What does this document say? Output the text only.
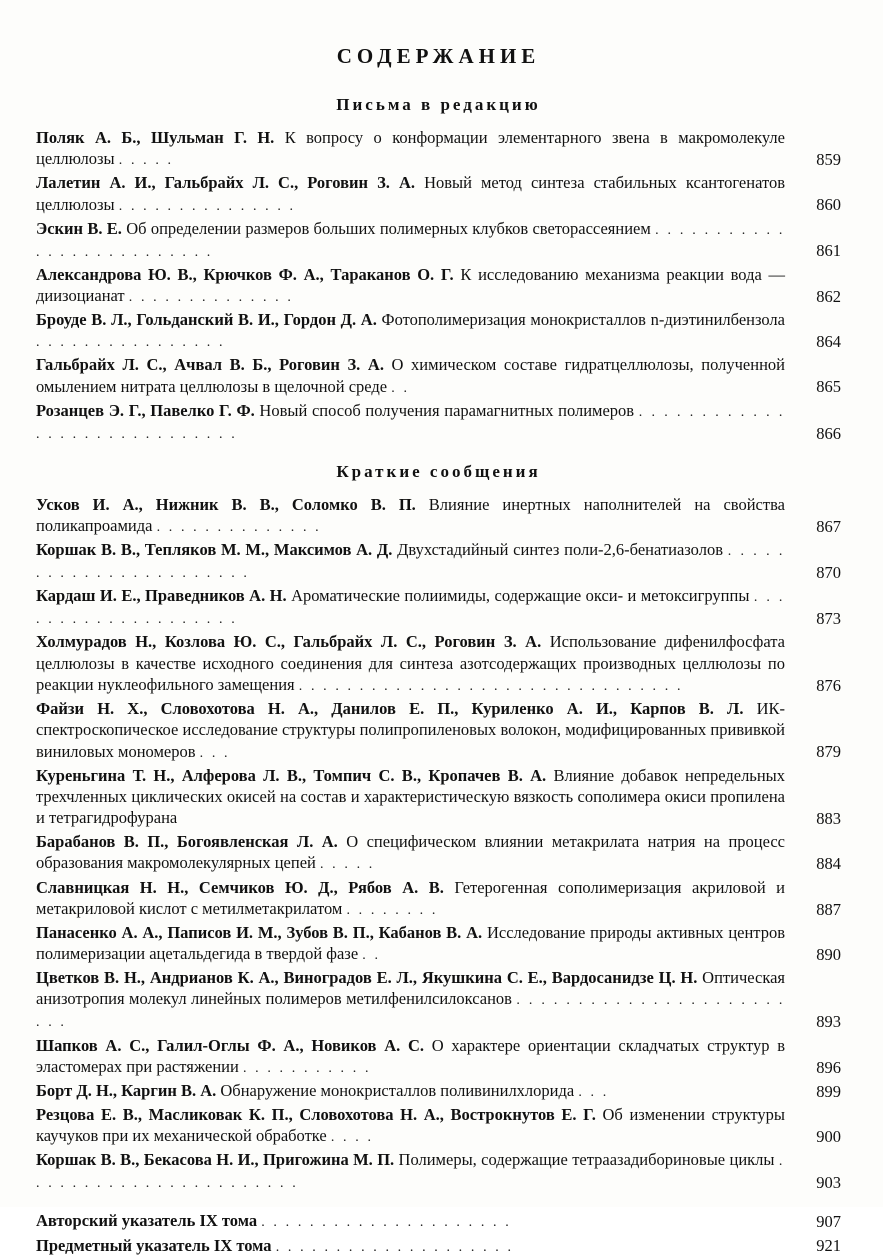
СОДЕРЖАНИЕ
Письма в редакцию
Поляк А. Б., Шульман Г. Н. К вопросу о конформации элементарного звена в макромолекуле целлюлозы . . . . .	859
Лалетин А. И., Гальбрайх Л. С., Роговин З. А. Новый метод синтеза стабильных ксантогенатов целлюлозы . . . . . . . . . . . . . . .	860
Эскин В. Е. Об определении размеров больших полимерных клубков светорассеянием . . . . . . . . . . . . . . . . . . . . . . . . . .	861
Александрова Ю. В., Крючков Ф. А., Тараканов О. Г. К исследованию механизма реакции вода — диизоцианат . . . . . . . . . . . . . .	862
Броуде В. Л., Гольданский В. И., Гордон Д. А. Фотополимеризация монокристаллов n-диэтинилбензола . . . . . . . . . . . . . . . .	864
Гальбрайх Л. С., Ачвал В. Б., Роговин З. А. О химическом составе гидратцеллюлозы, полученной омылением нитрата целлюлозы в щелочной среде . .	865
Розанцев Э. Г., Павелко Г. Ф. Новый способ получения парамагнитных полимеров . . . . . . . . . . . . . . . . . . . . . . . . . . . . .	866
Краткие сообщения
Усков И. А., Нижник В. В., Соломко В. П. Влияние инертных наполнителей на свойства поликапроамида . . . . . . . . . . . . . .	867
Коршак В. В., Тепляков М. М., Максимов А. Д. Двухстадийный синтез поли-2,6-бенатиазолов . . . . . . . . . . . . . . . . . . . . . . .	870
Кардаш И. Е., Праведников А. Н. Ароматические полиимиды, содержащие окси- и метоксигруппы . . . . . . . . . . . . . . . . . . . .	873
Холмурадов Н., Козлова Ю. С., Гальбрайх Л. С., Роговин З. А. Использование дифенилфосфата целлюлозы в качестве исходного соединения для синтеза азотсодержащих производных целлюлозы по реакции нуклеофильного замещения . . . . . . . . . . . . . . . . . . . . . . . . . . . . . . . .	876
Файзи Н. Х., Словохотова Н. А., Данилов Е. П., Куриленко А. И., Карпов В. Л. ИК-спектроскопическое исследование структуры полипропиленовых волокон, модифицированных прививкой виниловых мономеров . . .	879
Куреньгина Т. Н., Алферова Л. В., Томпич С. В., Кропачев В. А. Влияние добавок непредельных трехчленных циклических окисей на состав и характеристическую вязкость сополимера окиси пропилена и тетрагидрофурана	883
Барабанов В. П., Богоявленская Л. А. О специфическом влиянии метакрилата натрия на процесс образования макромолекулярных цепей . . . . .	884
Славницкая Н. Н., Семчиков Ю. Д., Рябов А. В. Гетерогенная сополимеризация акриловой и метакриловой кислот с метилметакрилатом . . . . . . . .	887
Панасенко А. А., Паписов И. М., Зубов В. П., Кабанов В. А. Исследование природы активных центров полимеризации ацетальдегида в твердой фазе . .	890
Цветков В. Н., Андрианов К. А., Виноградов Е. Л., Якушкина С. Е., Вардосанидзе Ц. Н. Оптическая анизотропия молекул линейных полимеров метилфенилсилоксанов . . . . . . . . . . . . . . . . . . . . . . . . .	893
Шапков А. С., Галил-Оглы Ф. А., Новиков А. С. О характере ориентации складчатых структур в эластомерах при растяжении . . . . . . . . . . .	896
Борт Д. Н., Каргин В. А. Обнаружение монокристаллов поливинилхлорида . . .	899
Резцова Е. В., Масликовак К. П., Словохотова Н. А., Вострокнутов Е. Г. Об изменении структуры каучуков при их механической обработке . . . .	900
Коршак В. В., Бекасова Н. И., Пригожина М. П. Полимеры, содержащие тетраазадибориновые циклы . . . . . . . . . . . . . . . . . . . . . . .	903
Авторский указатель IX тома . . . . . . . . . . . . . . . . . . . . .	907
Предметный указатель IX тома . . . . . . . . . . . . . . . . . . . .	921
